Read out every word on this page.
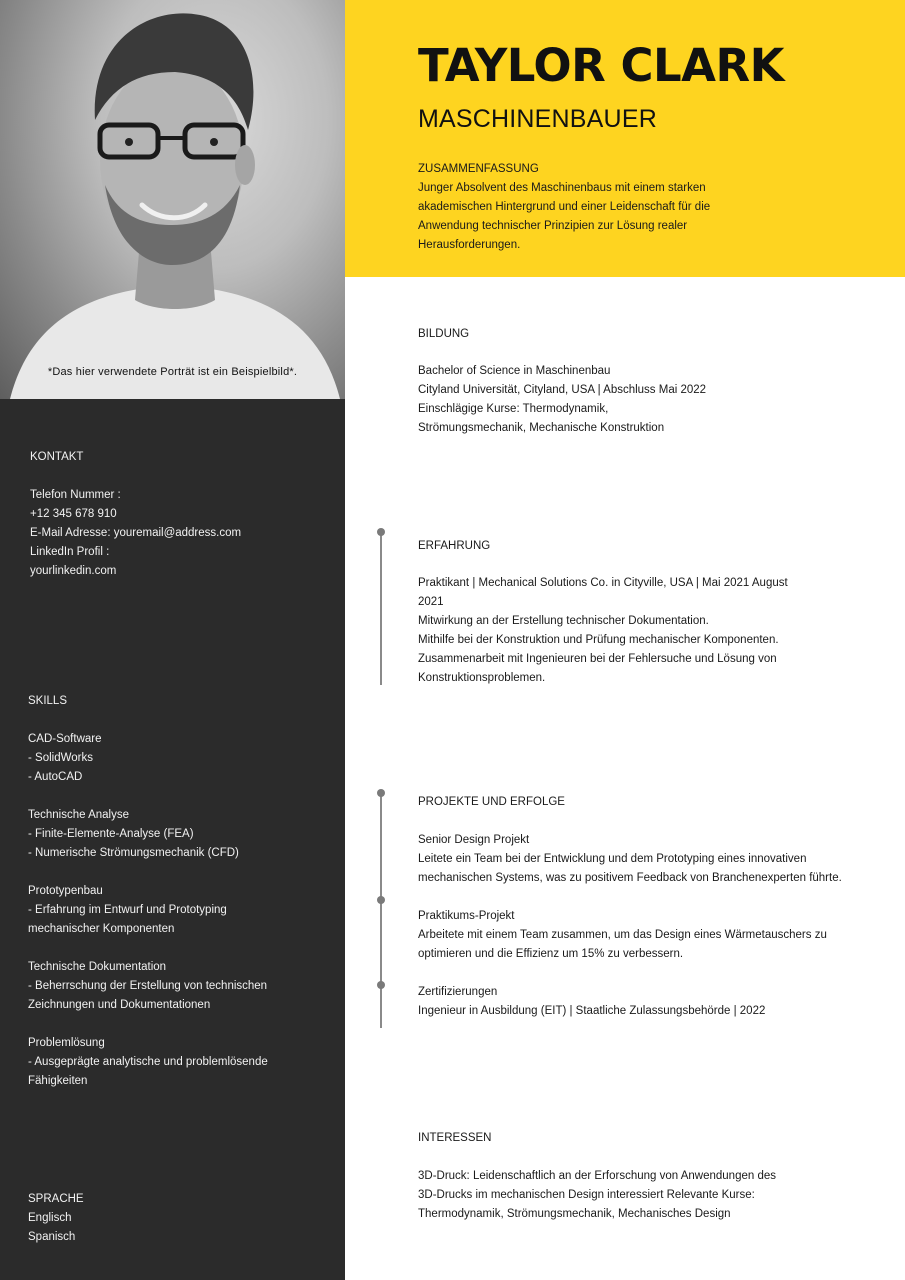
*Das hier verwendete Porträt ist ein Beispielbild*.
KONTAKT
Telefon Nummer :
+12 345 678 910
E-Mail Adresse: youremail@address.com
LinkedIn Profil :
yourlinkedin.com
SKILLS
CAD-Software
- SolidWorks
- AutoCAD
Technische Analyse
- Finite-Elemente-Analyse (FEA)
- Numerische Strömungsmechanik (CFD)
Prototypenbau
- Erfahrung im Entwurf und Prototyping
mechanischer Komponenten
Technische Dokumentation
- Beherrschung der Erstellung von technischen
Zeichnungen und Dokumentationen
Problemlösung
- Ausgeprägte analytische und problemlösende
Fähigkeiten
SPRACHE
Englisch
Spanisch
TAYLOR CLARK
MASCHINENBAUER
ZUSAMMENFASSUNG
Junger Absolvent des Maschinenbaus mit einem starken
akademischen Hintergrund und einer Leidenschaft für die
Anwendung technischer Prinzipien zur Lösung realer
Herausforderungen.
BILDUNG
Bachelor of Science in Maschinenbau
Cityland Universität, Cityland, USA | Abschluss Mai 2022
Einschlägige Kurse: Thermodynamik,
Strömungsmechanik, Mechanische Konstruktion
ERFAHRUNG
Praktikant | Mechanical Solutions Co. in Cityville, USA | Mai 2021 August
2021
Mitwirkung an der Erstellung technischer Dokumentation.
Mithilfe bei der Konstruktion und Prüfung mechanischer Komponenten.
Zusammenarbeit mit Ingenieuren bei der Fehlersuche und Lösung von
Konstruktionsproblemen.
PROJEKTE UND ERFOLGE
Senior Design Projekt
Leitete ein Team bei der Entwicklung und dem Prototyping eines innovativen
mechanischen Systems, was zu positivem Feedback von Branchenexperten führte.
Praktikums-Projekt
Arbeitete mit einem Team zusammen, um das Design eines Wärmetauschers zu
optimieren und die Effizienz um 15% zu verbessern.
Zertifizierungen
Ingenieur in Ausbildung (EIT) | Staatliche Zulassungsbehörde | 2022
INTERESSEN
3D-Druck: Leidenschaftlich an der Erforschung von Anwendungen des
3D-Drucks im mechanischen Design interessiert Relevante Kurse:
Thermodynamik, Strömungsmechanik, Mechanisches Design
